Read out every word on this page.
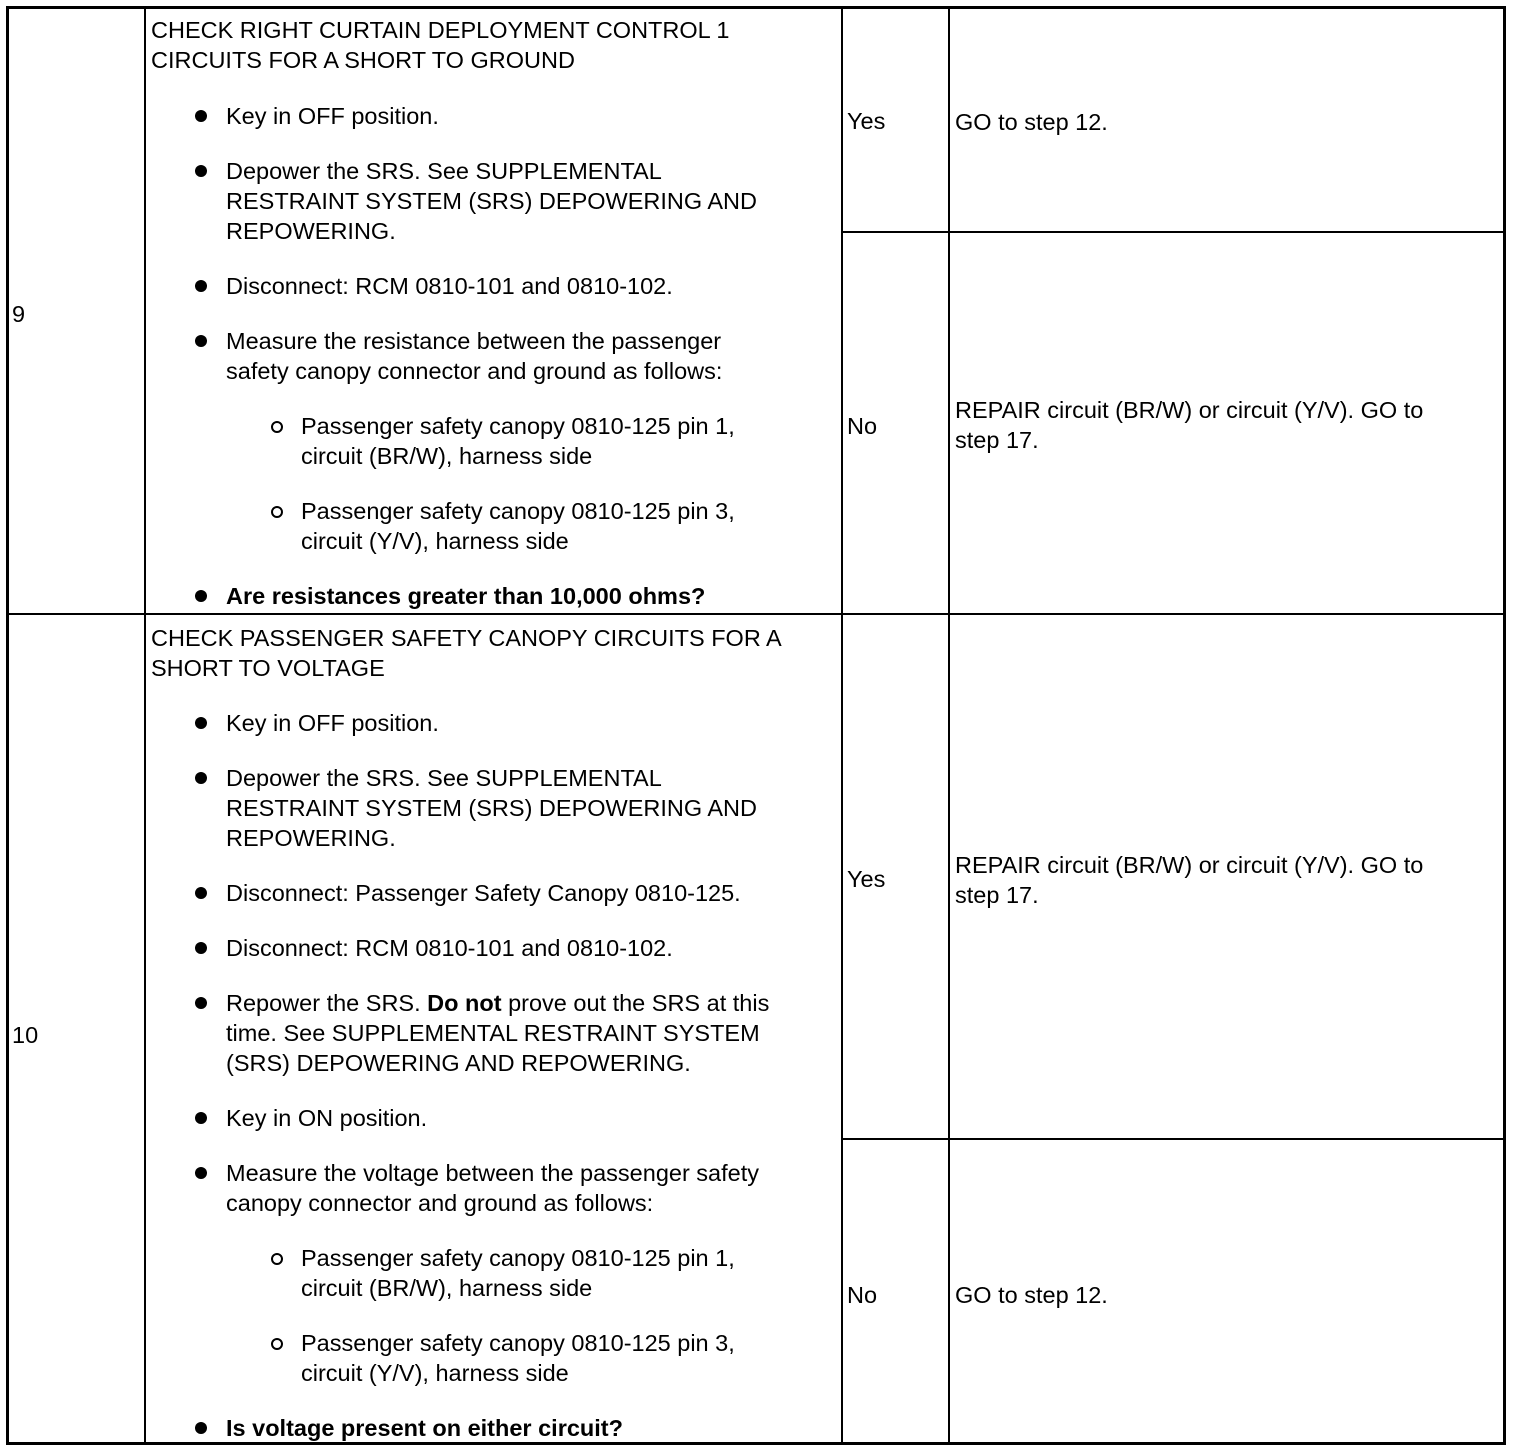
9
CHECK RIGHT CURTAIN DEPLOYMENT CONTROL 1
CIRCUITS FOR A SHORT TO GROUND
Key in OFF position.
Depower the SRS. See SUPPLEMENTAL
RESTRAINT SYSTEM (SRS) DEPOWERING AND
REPOWERING.
Disconnect: RCM 0810-101 and 0810-102.
Measure the resistance between the passenger
safety canopy connector and ground as follows:
Passenger safety canopy 0810-125 pin 1,
circuit (BR/W), harness side
Passenger safety canopy 0810-125 pin 3,
circuit (Y/V), harness side
Are resistances greater than 10,000 ohms?
Yes	GO to step 12.
No
REPAIR circuit (BR/W) or circuit (Y/V). GO to
step 17.
10
CHECK PASSENGER SAFETY CANOPY CIRCUITS FOR A
SHORT TO VOLTAGE
Key in OFF position.
Depower the SRS. See SUPPLEMENTAL
RESTRAINT SYSTEM (SRS) DEPOWERING AND
REPOWERING.
Disconnect: Passenger Safety Canopy 0810-125.
Disconnect: RCM 0810-101 and 0810-102.
Repower the SRS. Do not prove out the SRS at this
time. See SUPPLEMENTAL RESTRAINT SYSTEM
(SRS) DEPOWERING AND REPOWERING.
Key in ON position.
Measure the voltage between the passenger safety
canopy connector and ground as follows:
Passenger safety canopy 0810-125 pin 1,
circuit (BR/W), harness side
Passenger safety canopy 0810-125 pin 3,
circuit (Y/V), harness side
Is voltage present on either circuit?
Yes
REPAIR circuit (BR/W) or circuit (Y/V). GO to
step 17.
No	GO to step 12.
